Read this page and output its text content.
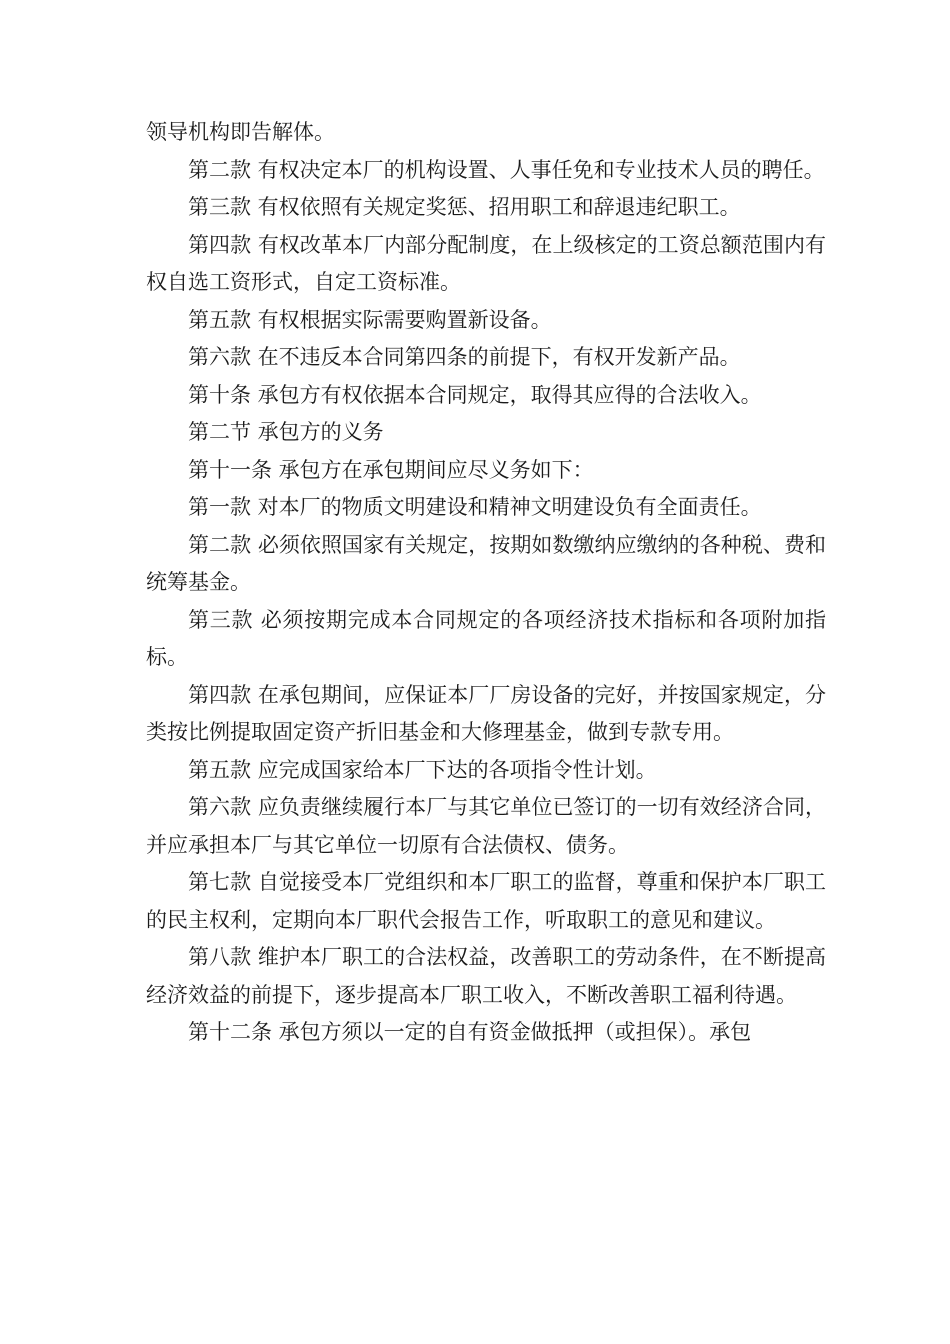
领导机构即告解体。

第二款 有权决定本厂的机构设置、人事任免和专业技术人员的聘任。

第三款 有权依照有关规定奖惩、招用职工和辞退违纪职工。

第四款 有权改革本厂内部分配制度，在上级核定的工资总额范围内有权自选工资形式，自定工资标准。

第五款 有权根据实际需要购置新设备。

第六款 在不违反本合同第四条的前提下，有权开发新产品。

第十条 承包方有权依据本合同规定，取得其应得的合法收入。

第二节 承包方的义务

第十一条 承包方在承包期间应尽义务如下：

第一款 对本厂的物质文明建设和精神文明建设负有全面责任。

第二款 必须依照国家有关规定，按期如数缴纳应缴纳的各种税、费和统筹基金。

第三款 必须按期完成本合同规定的各项经济技术指标和各项附加指标。

第四款 在承包期间，应保证本厂厂房设备的完好，并按国家规定，分类按比例提取固定资产折旧基金和大修理基金，做到专款专用。

第五款 应完成国家给本厂下达的各项指令性计划。

第六款 应负责继续履行本厂与其它单位已签订的一切有效经济合同，并应承担本厂与其它单位一切原有合法债权、债务。

第七款 自觉接受本厂党组织和本厂职工的监督，尊重和保护本厂职工的民主权利，定期向本厂职代会报告工作，听取职工的意见和建议。

第八款 维护本厂职工的合法权益，改善职工的劳动条件，在不断提高经济效益的前提下，逐步提高本厂职工收入，不断改善职工福利待遇。

第十二条 承包方须以一定的自有资金做抵押（或担保）。承包
